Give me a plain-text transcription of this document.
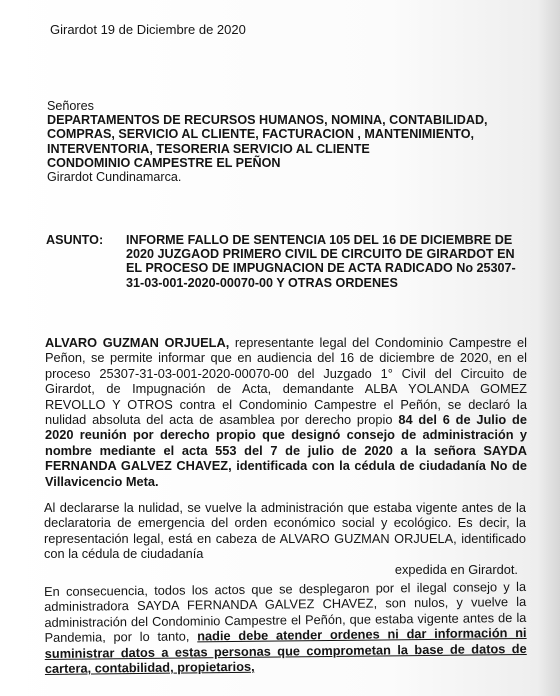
Girardot 19 de Diciembre de 2020
Señores
DEPARTAMENTOS DE RECURSOS HUMANOS, NOMINA, CONTABILIDAD,
COMPRAS, SERVICIO AL CLIENTE, FACTURACION , MANTENIMIENTO,
INTERVENTORIA, TESORERIA SERVICIO AL CLIENTE
CONDOMINIO CAMPESTRE EL PEÑON
Girardot Cundinamarca.
ASUNTO: INFORME FALLO DE SENTENCIA 105 DEL 16 DE DICIEMBRE DE 2020 JUZGAOD PRIMERO CIVIL DE CIRCUITO DE GIRARDOT EN EL PROCESO DE IMPUGNACION DE ACTA RADICADO No 25307-31-03-001-2020-00070-00 Y OTRAS ORDENES
ALVARO GUZMAN ORJUELA, representante legal del Condominio Campestre el Peñon, se permite informar que en audiencia del 16 de diciembre de 2020, en el proceso 25307-31-03-001-2020-00070-00 del Juzgado 1° Civil del Circuito de Girardot, de Impugnación de Acta, demandante ALBA YOLANDA GOMEZ REVOLLO Y OTROS contra el Condominio Campestre el Peñón, se declaró la nulidad absoluta del acta de asamblea por derecho propio 84 del 6 de Julio de 2020 reunión por derecho propio que designó consejo de administración y nombre mediante el acta 553 del 7 de julio de 2020 a la señora SAYDA FERNANDA GALVEZ CHAVEZ, identificada con la cédula de ciudadanía No de Villavicencio Meta.
Al declararse la nulidad, se vuelve la administración que estaba vigente antes de la declaratoria de emergencia del orden económico social y ecológico. Es decir, la representación legal, está en cabeza de ALVARO GUZMAN ORJUELA, identificado con la cédula de ciudadanía
expedida en Girardot.
En consecuencia, todos los actos que se desplegaron por el ilegal consejo y la administradora SAYDA FERNANDA GALVEZ CHAVEZ, son nulos, y vuelve la administración del Condominio Campestre el Peñón, que estaba vigente antes de la Pandemia, por lo tanto, nadie debe atender ordenes ni dar información ni suministrar datos a estas personas que comprometan la base de datos de cartera, contabilidad, propietarios,
